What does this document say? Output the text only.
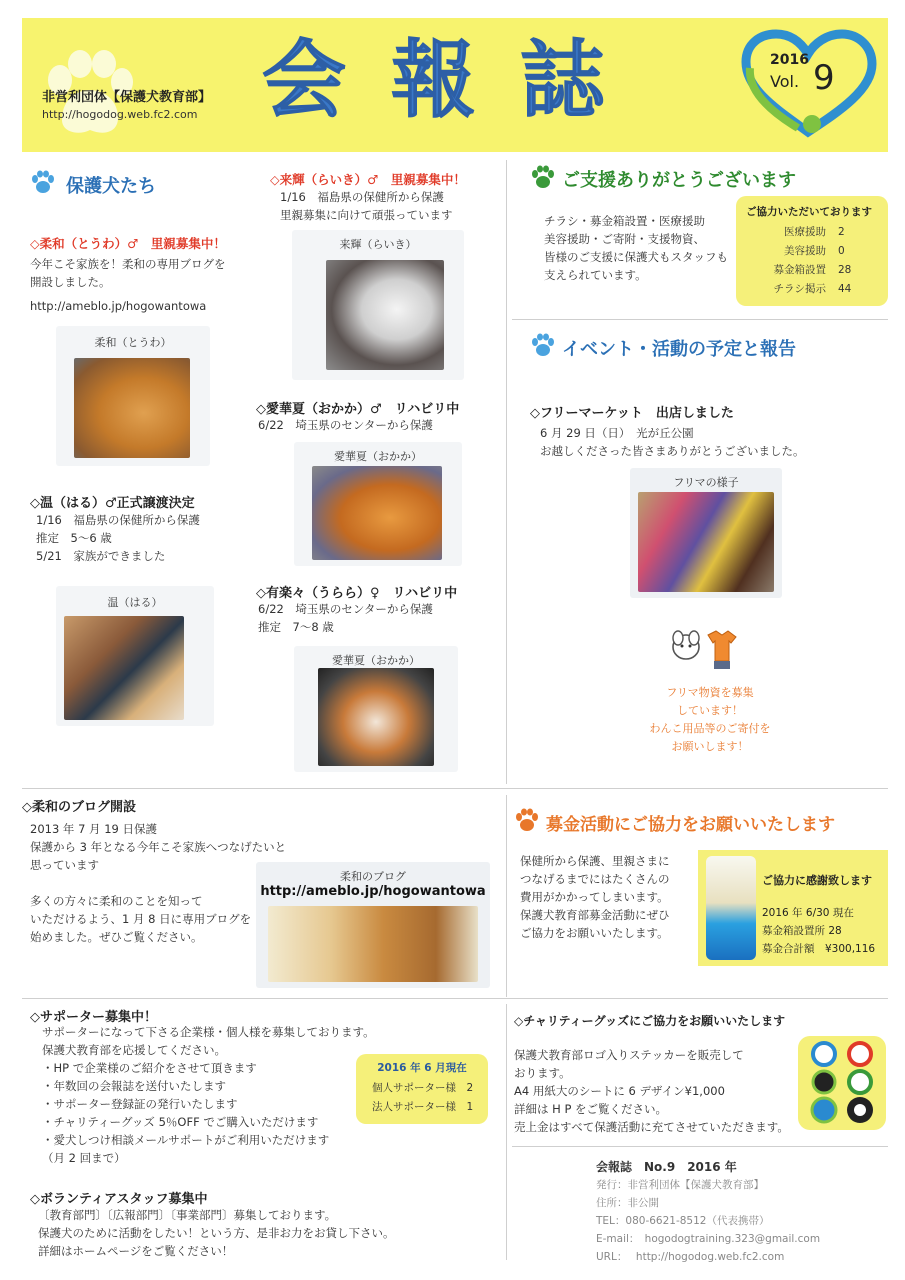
非営利団体【保護犬教育部】
http://hogodog.web.fc2.com 会 報 誌	2016
Vol. 9
保護犬たち
◇柔和（とうわ）♂　里親募集中！
今年こそ家族を！柔和の専用ブログを
開設しました。
http://ameblo.jp/hogowantowa
柔和（とうわ）
◇温（はる）♂正式譲渡決定
1/16　福島県の保健所から保護
推定　5～6 歳
5/21　家族ができました
温（はる）
◇来輝（らいき）♂　里親募集中！
1/16　福島県の保健所から保護
里親募集に向けて頑張っています
来輝（らいき）
◇愛華夏（おかか）♂　リハビリ中
6/22　埼玉県のセンターから保護
愛華夏（おかか）
◇有楽々（うらら）♀　リハビリ中
6/22　埼玉県のセンターから保護
推定　7～8 歳
愛華夏（おかか）
ご支援ありがとうございます
チラシ・募金箱設置・医療援助
美容援助・ご寄附・支援物資、
皆様のご支援に保護犬もスタッフも
支えられています。
ご協力いただいております
医療援助	2
美容援助	0
募金箱設置	28
チラシ掲示	44
イベント・活動の予定と報告
◇フリーマーケット　出店しました
6 月 29 日（日）　光が丘公園
お越しくださった皆さまありがとうございました。
フリマの様子
フリマ物資を募集
しています！
わんこ用品等のご寄付を
お願いします！
◇柔和のブログ開設
2013 年 7 月 19 日保護
保護から 3 年となる今年こそ家族へつなげたいと
思っています
多くの方々に柔和のことを知って
いただけるよう、1 月 8 日に専用ブログを
始めました。ぜひご覧ください。
柔和のブログ
http://ameblo.jp/hogowantowa
募金活動にご協力をお願いいたします
保健所から保護、里親さまに
つなげるまでにはたくさんの
費用がかかってしまいます。
保護犬教育部募金活動にぜひ
ご協力をお願いいたします。
ご協力に感謝致します
2016 年 6/30 現在
募金箱設置所 28
募金合計額　¥300,116
◇サポーター募集中！
サポーターになって下さる企業様・個人様を募集しております。
保護犬教育部を応援してください。
・HP で企業様のご紹介をさせて頂きます
・年数回の会報誌を送付いたします
・サポーター登録証の発行いたします
・チャリティーグッズ 5％OFF でご購入いただけます
・愛犬しつけ相談メールサポートがご利用いただけます
（月 2 回まで）
2016 年 6 月現在
個人サポーター様　2
法人サポーター様　1
◇ボランティアスタッフ募集中
〔教育部門〕〔広報部門〕〔事業部門〕募集しております。
保護犬のために活動をしたい！という方、是非お力をお貸し下さい。
詳細はホームページをご覧ください！
◇チャリティーグッズにご協力をお願いいたします
保護犬教育部ロゴ入りステッカーを販売して
おります。
A4 用紙大のシートに 6 デザイン¥1,000
詳細は H P をご覧ください。
売上金はすべて保護活動に充てさせていただきます。
会報誌　No.9　2016 年
発行：非営利団体【保護犬教育部】
住所：非公開
TEL：080-6621-8512（代表携帯）
E-mail：　hogodogtraining.323@gmail.com
URL：　 http://hogodog.web.fc2.com
